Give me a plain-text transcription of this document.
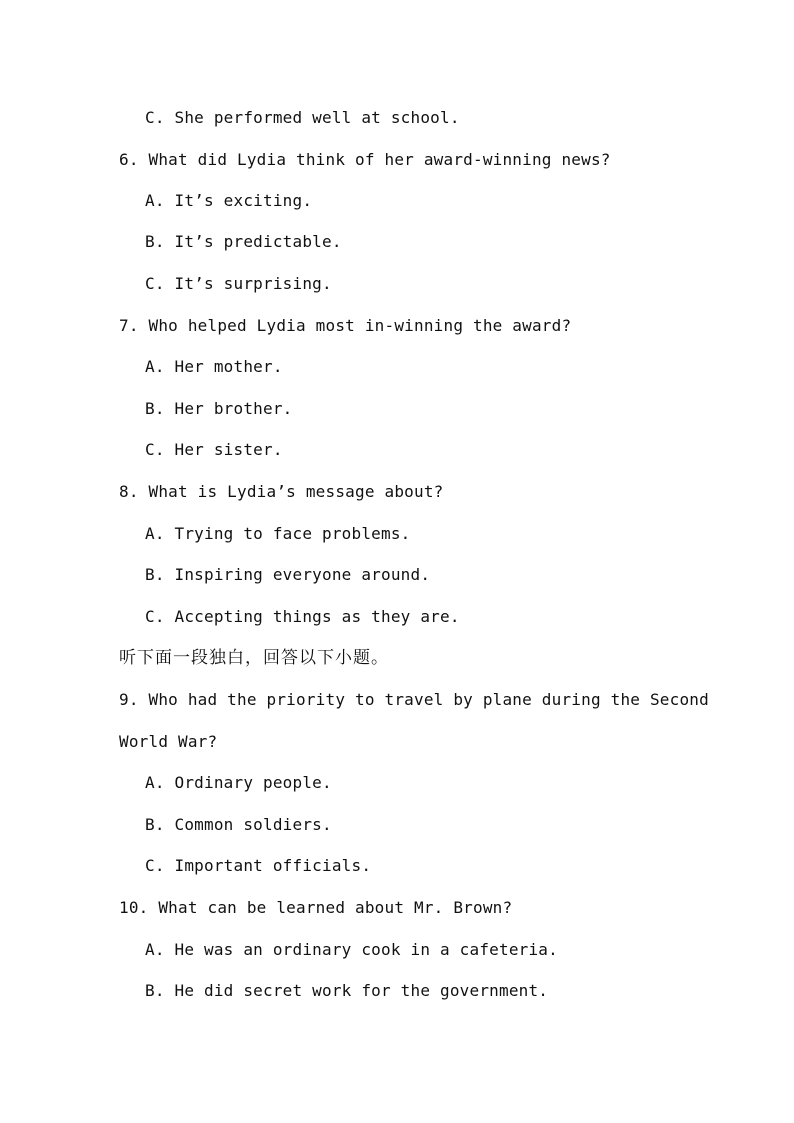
C. She performed well at school.
6. What did Lydia think of her award-winning news?
A. It’s exciting.
B. It’s predictable.
C. It’s surprising.
7. Who helped Lydia most in-winning the award?
A. Her mother.
B. Her brother.
C. Her sister.
8. What is Lydia’s message about?
A. Trying to face problems.
B. Inspiring everyone around.
C. Accepting things as they are.
听下面一段独白，回答以下小题。
9. Who had the priority to travel by plane during the Second
World War?
A. Ordinary people.
B. Common soldiers.
C. Important officials.
10. What can be learned about Mr. Brown?
A. He was an ordinary cook in a cafeteria.
B. He did secret work for the government.
